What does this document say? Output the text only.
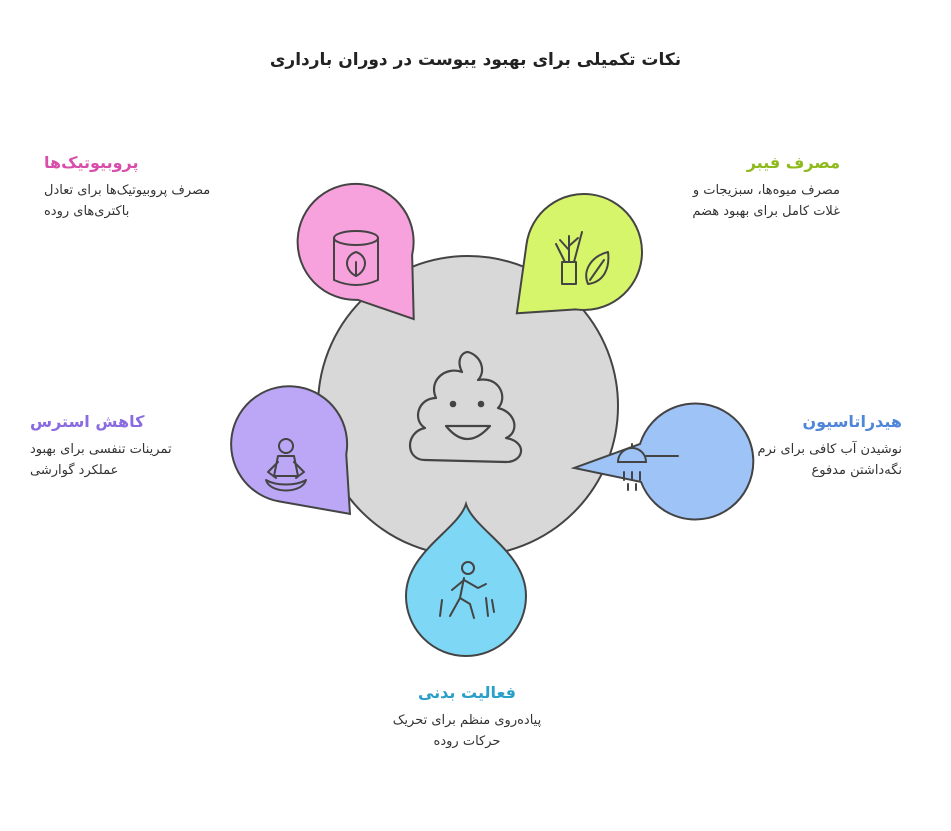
نکات تکمیلی برای بهبود یبوست در دوران بارداری
مصرف فیبر
مصرف میوه‌ها، سبزیجات و
غلات کامل برای بهبود هضم
هیدراتاسیون
نوشیدن آب کافی برای نرم
نگه‌داشتن مدفوع
فعالیت بدنی
پیاده‌روی منظم برای تحریک
حرکات روده
کاهش استرس
تمرینات تنفسی برای بهبود
عملکرد گوارشی
پروبیوتیک‌ها
مصرف پروبیوتیک‌ها برای تعادل
باکتری‌های روده
